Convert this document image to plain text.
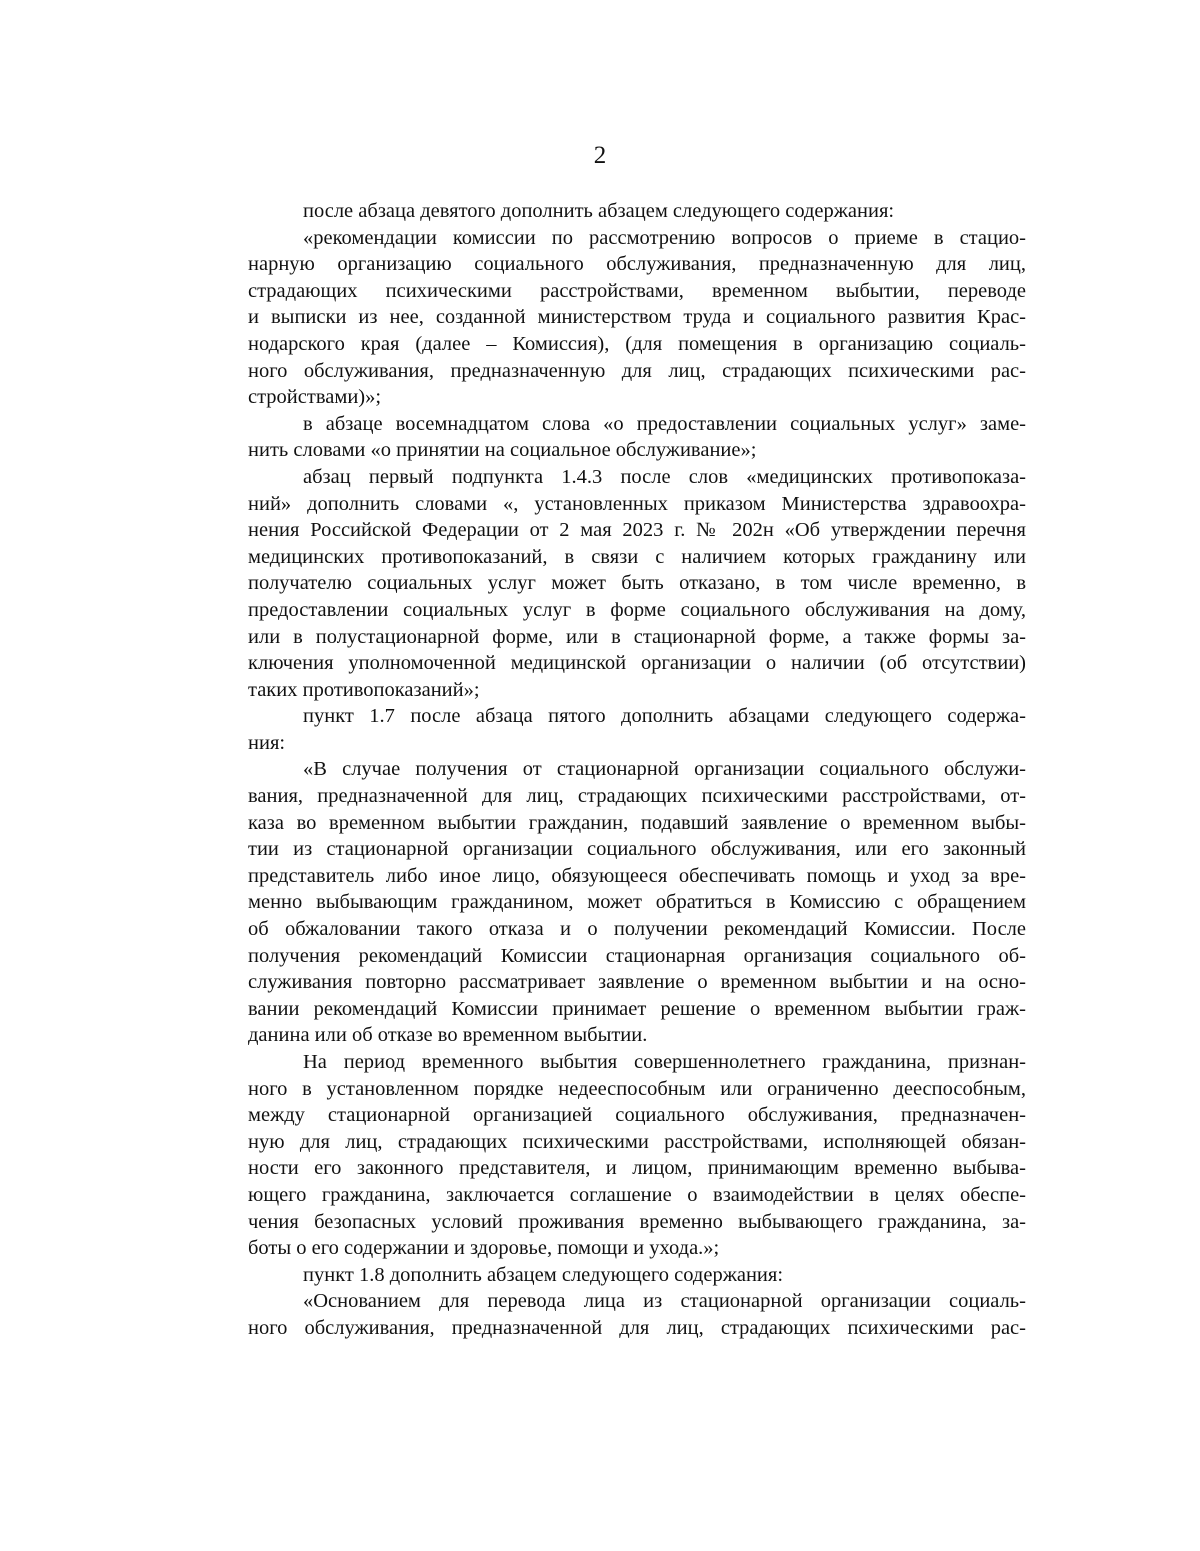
2
после абзаца девятого дополнить абзацем следующего содержания:
«рекомендации комиссии по рассмотрению вопросов о приеме в стацио-
нарную организацию социального обслуживания, предназначенную для лиц,
страдающих психическими расстройствами, временном выбытии, переводе
и выписки из нее, созданной министерством труда и социального развития Крас-
нодарского края (далее – Комиссия), (для помещения в организацию социаль-
ного обслуживания, предназначенную для лиц, страдающих психическими рас-
стройствами)»;
в абзаце восемнадцатом слова «о предоставлении социальных услуг» заме-
нить словами «о принятии на социальное обслуживание»;
абзац первый подпункта 1.4.3 после слов «медицинских противопоказа-
ний» дополнить словами «, установленных приказом Министерства здравоохра-
нения Российской Федерации от 2 мая 2023 г. № 202н «Об утверждении перечня
медицинских противопоказаний, в связи с наличием которых гражданину или
получателю социальных услуг может быть отказано, в том числе временно, в
предоставлении социальных услуг в форме социального обслуживания на дому,
или в полустационарной форме, или в стационарной форме, а также формы за-
ключения уполномоченной медицинской организации о наличии (об отсутствии)
таких противопоказаний»;
пункт 1.7 после абзаца пятого дополнить абзацами следующего содержа-
ния:
«В случае получения от стационарной организации социального обслужи-
вания, предназначенной для лиц, страдающих психическими расстройствами, от-
каза во временном выбытии гражданин, подавший заявление о временном выбы-
тии из стационарной организации социального обслуживания, или его законный
представитель либо иное лицо, обязующееся обеспечивать помощь и уход за вре-
менно выбывающим гражданином, может обратиться в Комиссию с обращением
об обжаловании такого отказа и о получении рекомендаций Комиссии. После
получения рекомендаций Комиссии стационарная организация социального об-
служивания повторно рассматривает заявление о временном выбытии и на осно-
вании рекомендаций Комиссии принимает решение о временном выбытии граж-
данина или об отказе во временном выбытии.
На период временного выбытия совершеннолетнего гражданина, признан-
ного в установленном порядке недееспособным или ограниченно дееспособным,
между стационарной организацией социального обслуживания, предназначен-
ную для лиц, страдающих психическими расстройствами, исполняющей обязан-
ности его законного представителя, и лицом, принимающим временно выбыва-
ющего гражданина, заключается соглашение о взаимодействии в целях обеспе-
чения безопасных условий проживания временно выбывающего гражданина, за-
боты о его содержании и здоровье, помощи и ухода.»;
пункт 1.8 дополнить абзацем следующего содержания:
«Основанием для перевода лица из стационарной организации социаль-
ного обслуживания, предназначенной для лиц, страдающих психическими рас-
